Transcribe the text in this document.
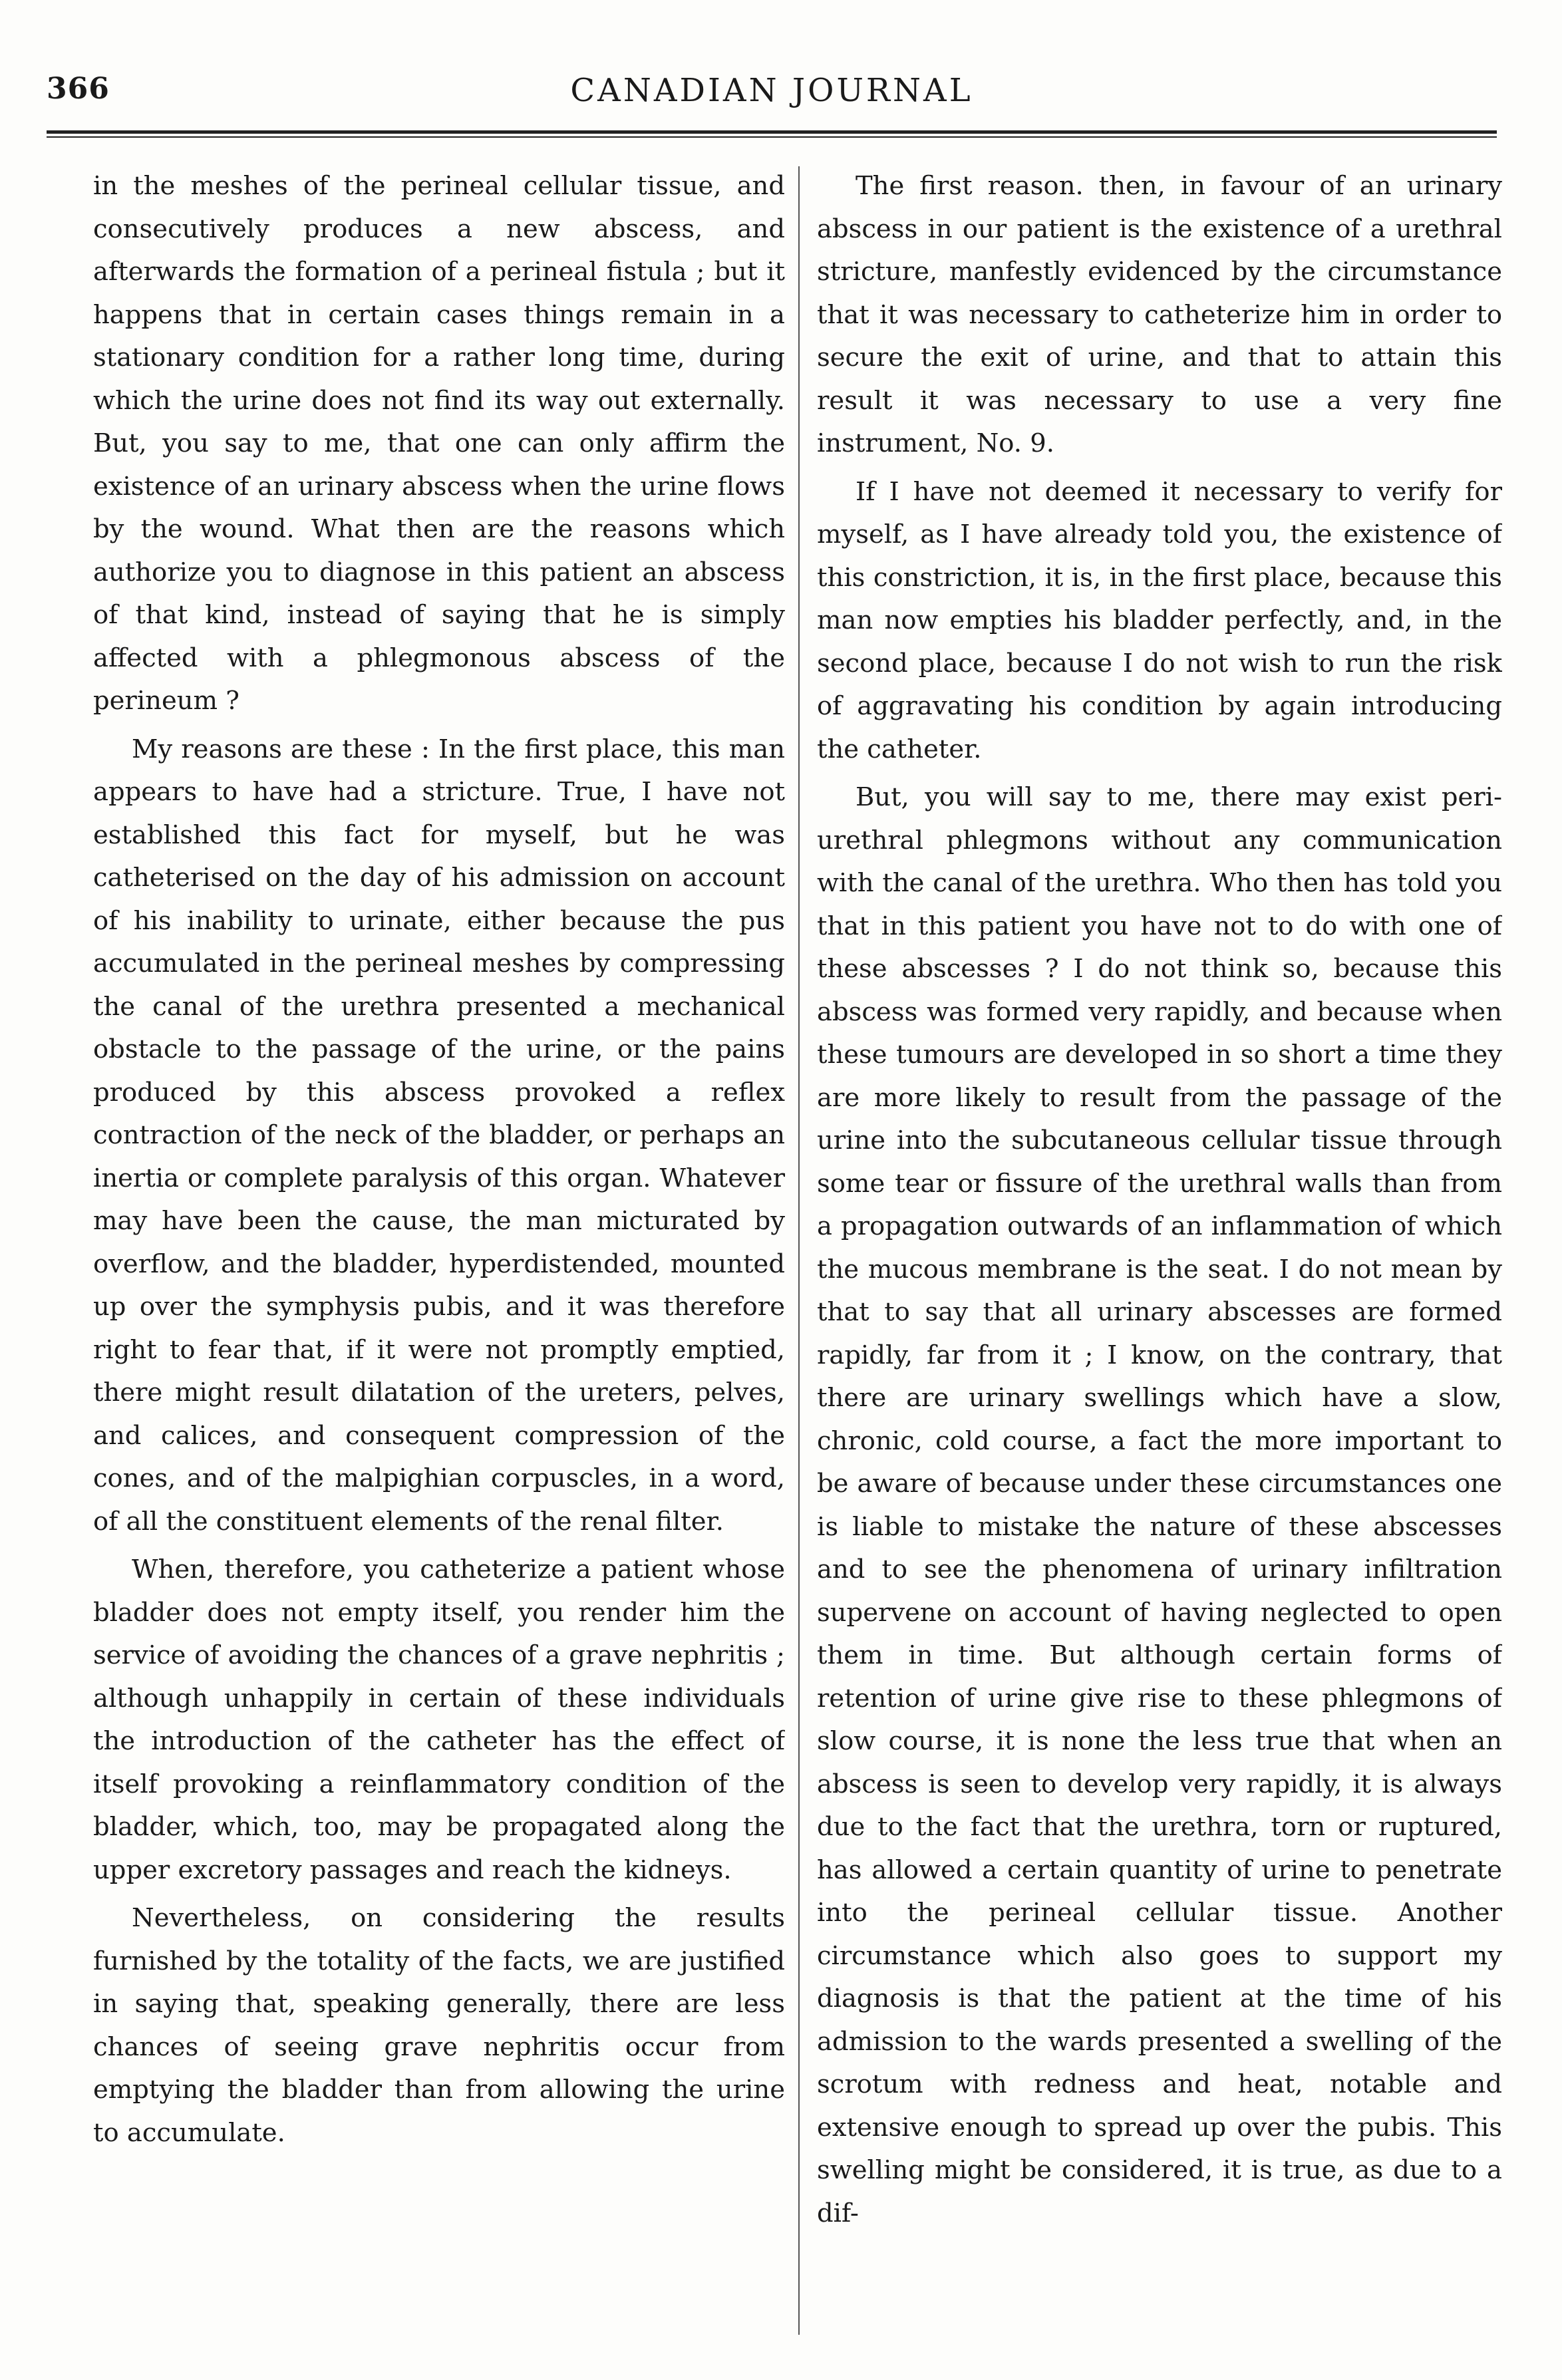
366	CANADIAN JOURNAL

in the meshes of the perineal cellular tissue, and consecutively produces a new abscess, and afterwards the formation of a perineal fistula ; but it happens that in certain cases things remain in a stationary condition for a rather long time, during which the urine does not find its way out externally. But, you say to me, that one can only affirm the existence of an urinary abscess when the urine flows by the wound. What then are the reasons which authorize you to diagnose in this patient an abscess of that kind, instead of saying that he is simply affected with a phlegmonous abscess of the perineum ?

My reasons are these : In the first place, this man appears to have had a stricture. True, I have not established this fact for myself, but he was catheterised on the day of his admission on account of his inability to urinate, either because the pus accumulated in the perineal meshes by compressing the canal of the urethra presented a mechanical obstacle to the passage of the urine, or the pains produced by this abscess provoked a reflex contraction of the neck of the bladder, or perhaps an inertia or complete paralysis of this organ. Whatever may have been the cause, the man micturated by overflow, and the bladder, hyperdistended, mounted up over the symphysis pubis, and it was therefore right to fear that, if it were not promptly emptied, there might result dilatation of the ureters, pelves, and calices, and consequent compression of the cones, and of the malpighian corpuscles, in a word, of all the constituent elements of the renal filter.

When, therefore, you catheterize a patient whose bladder does not empty itself, you render him the service of avoiding the chances of a grave nephritis ; although unhappily in certain of these individuals the introduction of the catheter has the effect of itself provoking a reinflammatory condition of the bladder, which, too, may be propagated along the upper excretory passages and reach the kidneys.

Nevertheless, on considering the results furnished by the totality of the facts, we are justified in saying that, speaking generally, there are less chances of seeing grave nephritis occur from emptying the bladder than from allowing the urine to accumulate.

The first reason. then, in favour of an urinary abscess in our patient is the existence of a urethral stricture, manfestly evidenced by the circumstance that it was necessary to catheterize him in order to secure the exit of urine, and that to attain this result it was necessary to use a very fine instrument, No. 9.

If I have not deemed it necessary to verify for myself, as I have already told you, the existence of this constriction, it is, in the first place, because this man now empties his bladder perfectly, and, in the second place, because I do not wish to run the risk of aggravating his condition by again introducing the catheter.

But, you will say to me, there may exist peri-urethral phlegmons without any communication with the canal of the urethra. Who then has told you that in this patient you have not to do with one of these abscesses ? I do not think so, because this abscess was formed very rapidly, and because when these tumours are developed in so short a time they are more likely to result from the passage of the urine into the subcutaneous cellular tissue through some tear or fissure of the urethral walls than from a propagation outwards of an inflammation of which the mucous membrane is the seat. I do not mean by that to say that all urinary abscesses are formed rapidly, far from it ; I know, on the contrary, that there are urinary swellings which have a slow, chronic, cold course, a fact the more important to be aware of because under these circumstances one is liable to mistake the nature of these abscesses and to see the phenomena of urinary infiltration supervene on account of having neglected to open them in time. But although certain forms of retention of urine give rise to these phlegmons of slow course, it is none the less true that when an abscess is seen to develop very rapidly, it is always due to the fact that the urethra, torn or ruptured, has allowed a certain quantity of urine to penetrate into the perineal cellular tissue. Another circumstance which also goes to support my diagnosis is that the patient at the time of his admission to the wards presented a swelling of the scrotum with redness and heat, notable and extensive enough to spread up over the pubis. This swelling might be considered, it is true, as due to a dif-
